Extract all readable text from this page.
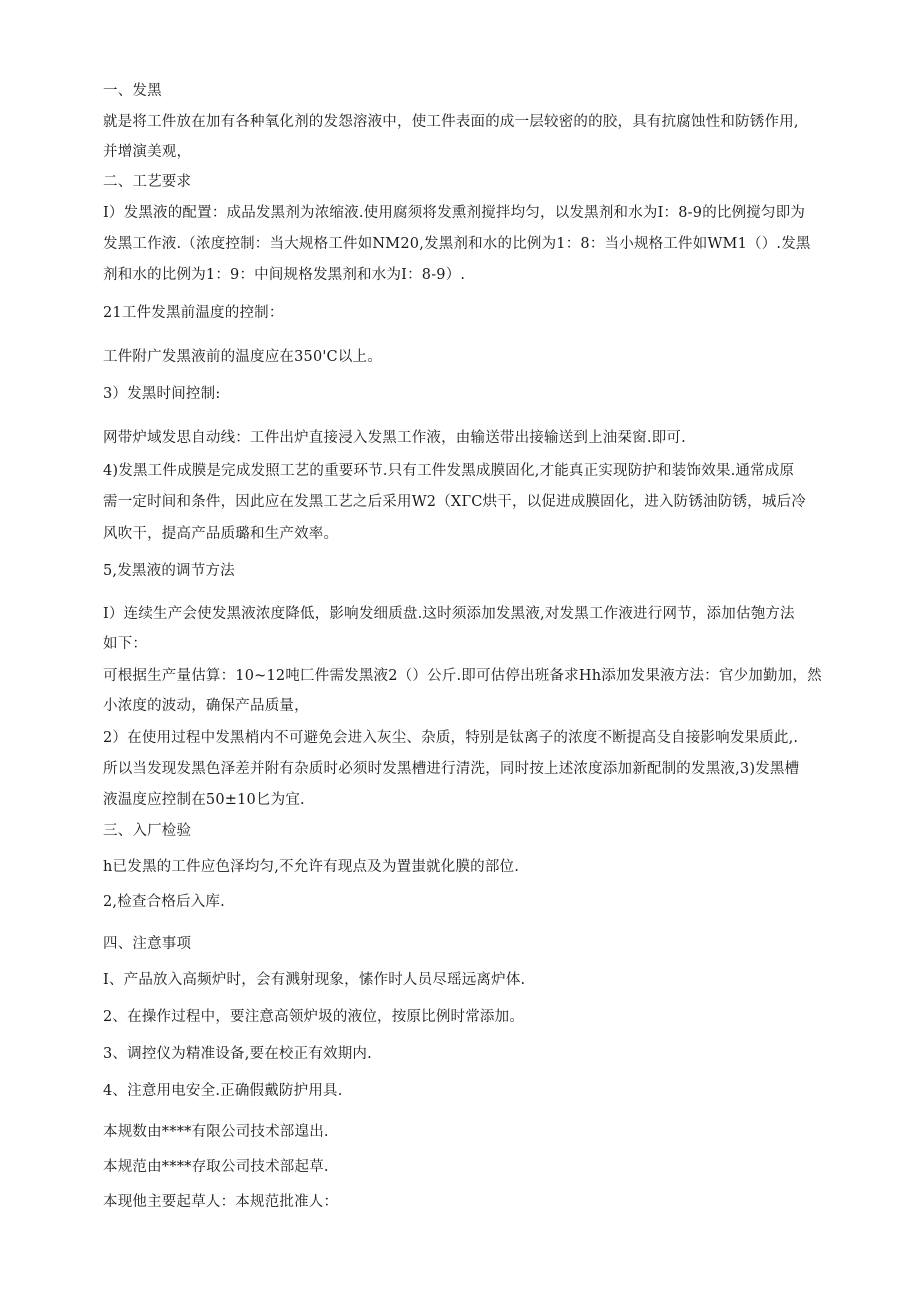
一、发黑

就是将工件放在加有各种氧化剂的发怨溶液中，使工件表面的成一层较密的的胶，具有抗腐蚀性和防锈作用,

并增演美观，

二、工艺要求

I）发黑液的配置：成品发黑剂为浓缩液.使用腐须将发熏剂搅拌均匀，以发黑剂和水为I：8-9的比例搅匀即为

发黑工作液.（浓度控制：当大规格工件如NM20,发黑剂和水的比例为1：8：当小规格工件如WM1（）.发黑

剂和水的比例为1：9：中间规格发黑剂和水为I：8-9）.

21工件发黑前温度的控制：

工件附广发黑液前的温度应在350'C以上。

3）发黑时间控制:

网带炉域发思自动线：工件出炉直接浸入发黑工作液，由输送带出接输送到上油栞窗.即可.

4)发黑工件成膜是完成发照工艺的重要环节.只有工件发黑成膜固化,才能真正实现防护和装饰效果.通常成原

需一定时间和条件，因此应在发黑工艺之后采用W2（XГC烘干，以促进成膜固化，进入防锈油防锈，城后冷

风吹干，提高产品质璐和生产效率。

5,发黑液的调节方法

I）连续生产会使发黑液浓度降低，影响发细质盘.这时须添加发黑液,对发黑工作液进行网节，添加估匏方法

如下：

可根据生产量估算：10~12吨匚件需发黑液2（）公斤.即可估停出班备求Hh添加发果液方法：官少加勤加，然

小浓度的波动，确保产品质量，

2）在使用过程中发黑梢内不可避免会进入灰尘、杂质，特别是钛离子的浓度不断提高殳自接影响发果质此,.

所以当发现发黑色泽差并附有杂质时必须时发黑槽进行清洗，同时按上述浓度添加新配制的发黑液,3)发黑槽

液温度应控制在50±10匕为宜.

三、入厂检验

h已发黑的工件应色泽均匀,不允许有现点及为置蚩就化膜的部位.

2,检查合格后入库.

四、注意事项

I、产品放入高频炉时，会有溅射现象，愫作时人员尽瑶远离炉体.

2、在操作过程中，要注意高领炉圾的液位，按原比例时常添加。

3、调控仪为精准设备,要在校正有效期内.

4、注意用电安全.正确假戴防护用具.

本规数由****有限公司技术部遑出.

本规范由****存取公司技术部起草.

本现他主要起草人：本规范批准人：
